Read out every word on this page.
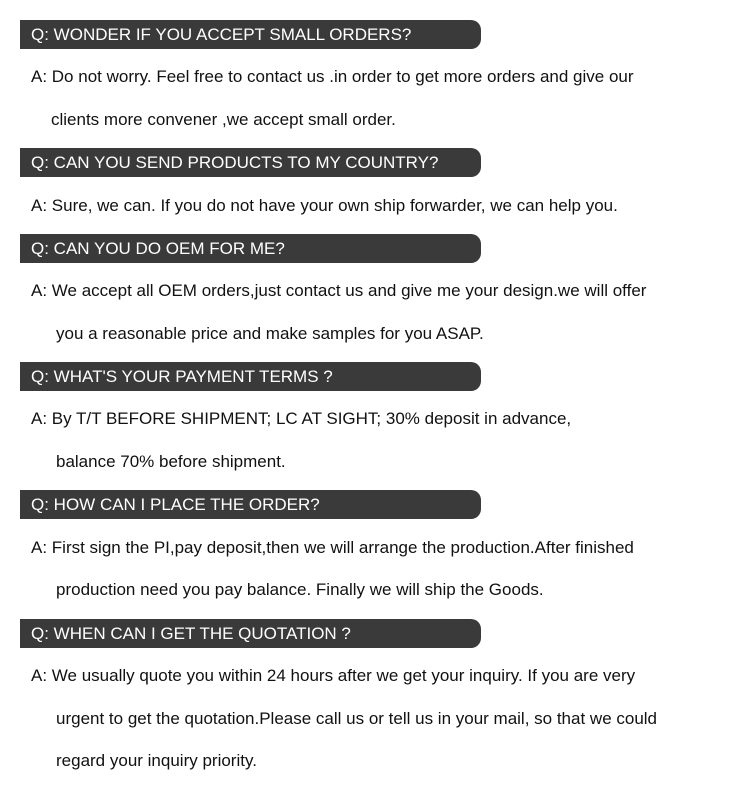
Q: WONDER IF YOU ACCEPT SMALL ORDERS?
A: Do not worry. Feel free to contact us .in order to get more orders and give our
clients more convener ,we accept small order.
Q: CAN YOU SEND PRODUCTS TO MY COUNTRY?
A: Sure, we can. If you do not have your own ship forwarder, we can help you.
Q: CAN YOU DO OEM FOR ME?
A: We accept all OEM orders,just contact us and give me your design.we will offer
you a reasonable price and make samples for you ASAP.
Q: WHAT'S YOUR PAYMENT TERMS ?
A: By T/T BEFORE SHIPMENT; LC AT SIGHT; 30% deposit in advance,
balance 70% before shipment.
Q: HOW CAN I PLACE THE ORDER?
A: First sign the PI,pay deposit,then we will arrange the production.After finished
production need you pay balance. Finally we will ship the Goods.
Q: WHEN CAN I GET THE QUOTATION ?
A: We usually quote you within 24 hours after we get your inquiry. If you are very
urgent to get the quotation.Please call us or tell us in your mail, so that we could
regard your inquiry priority.
